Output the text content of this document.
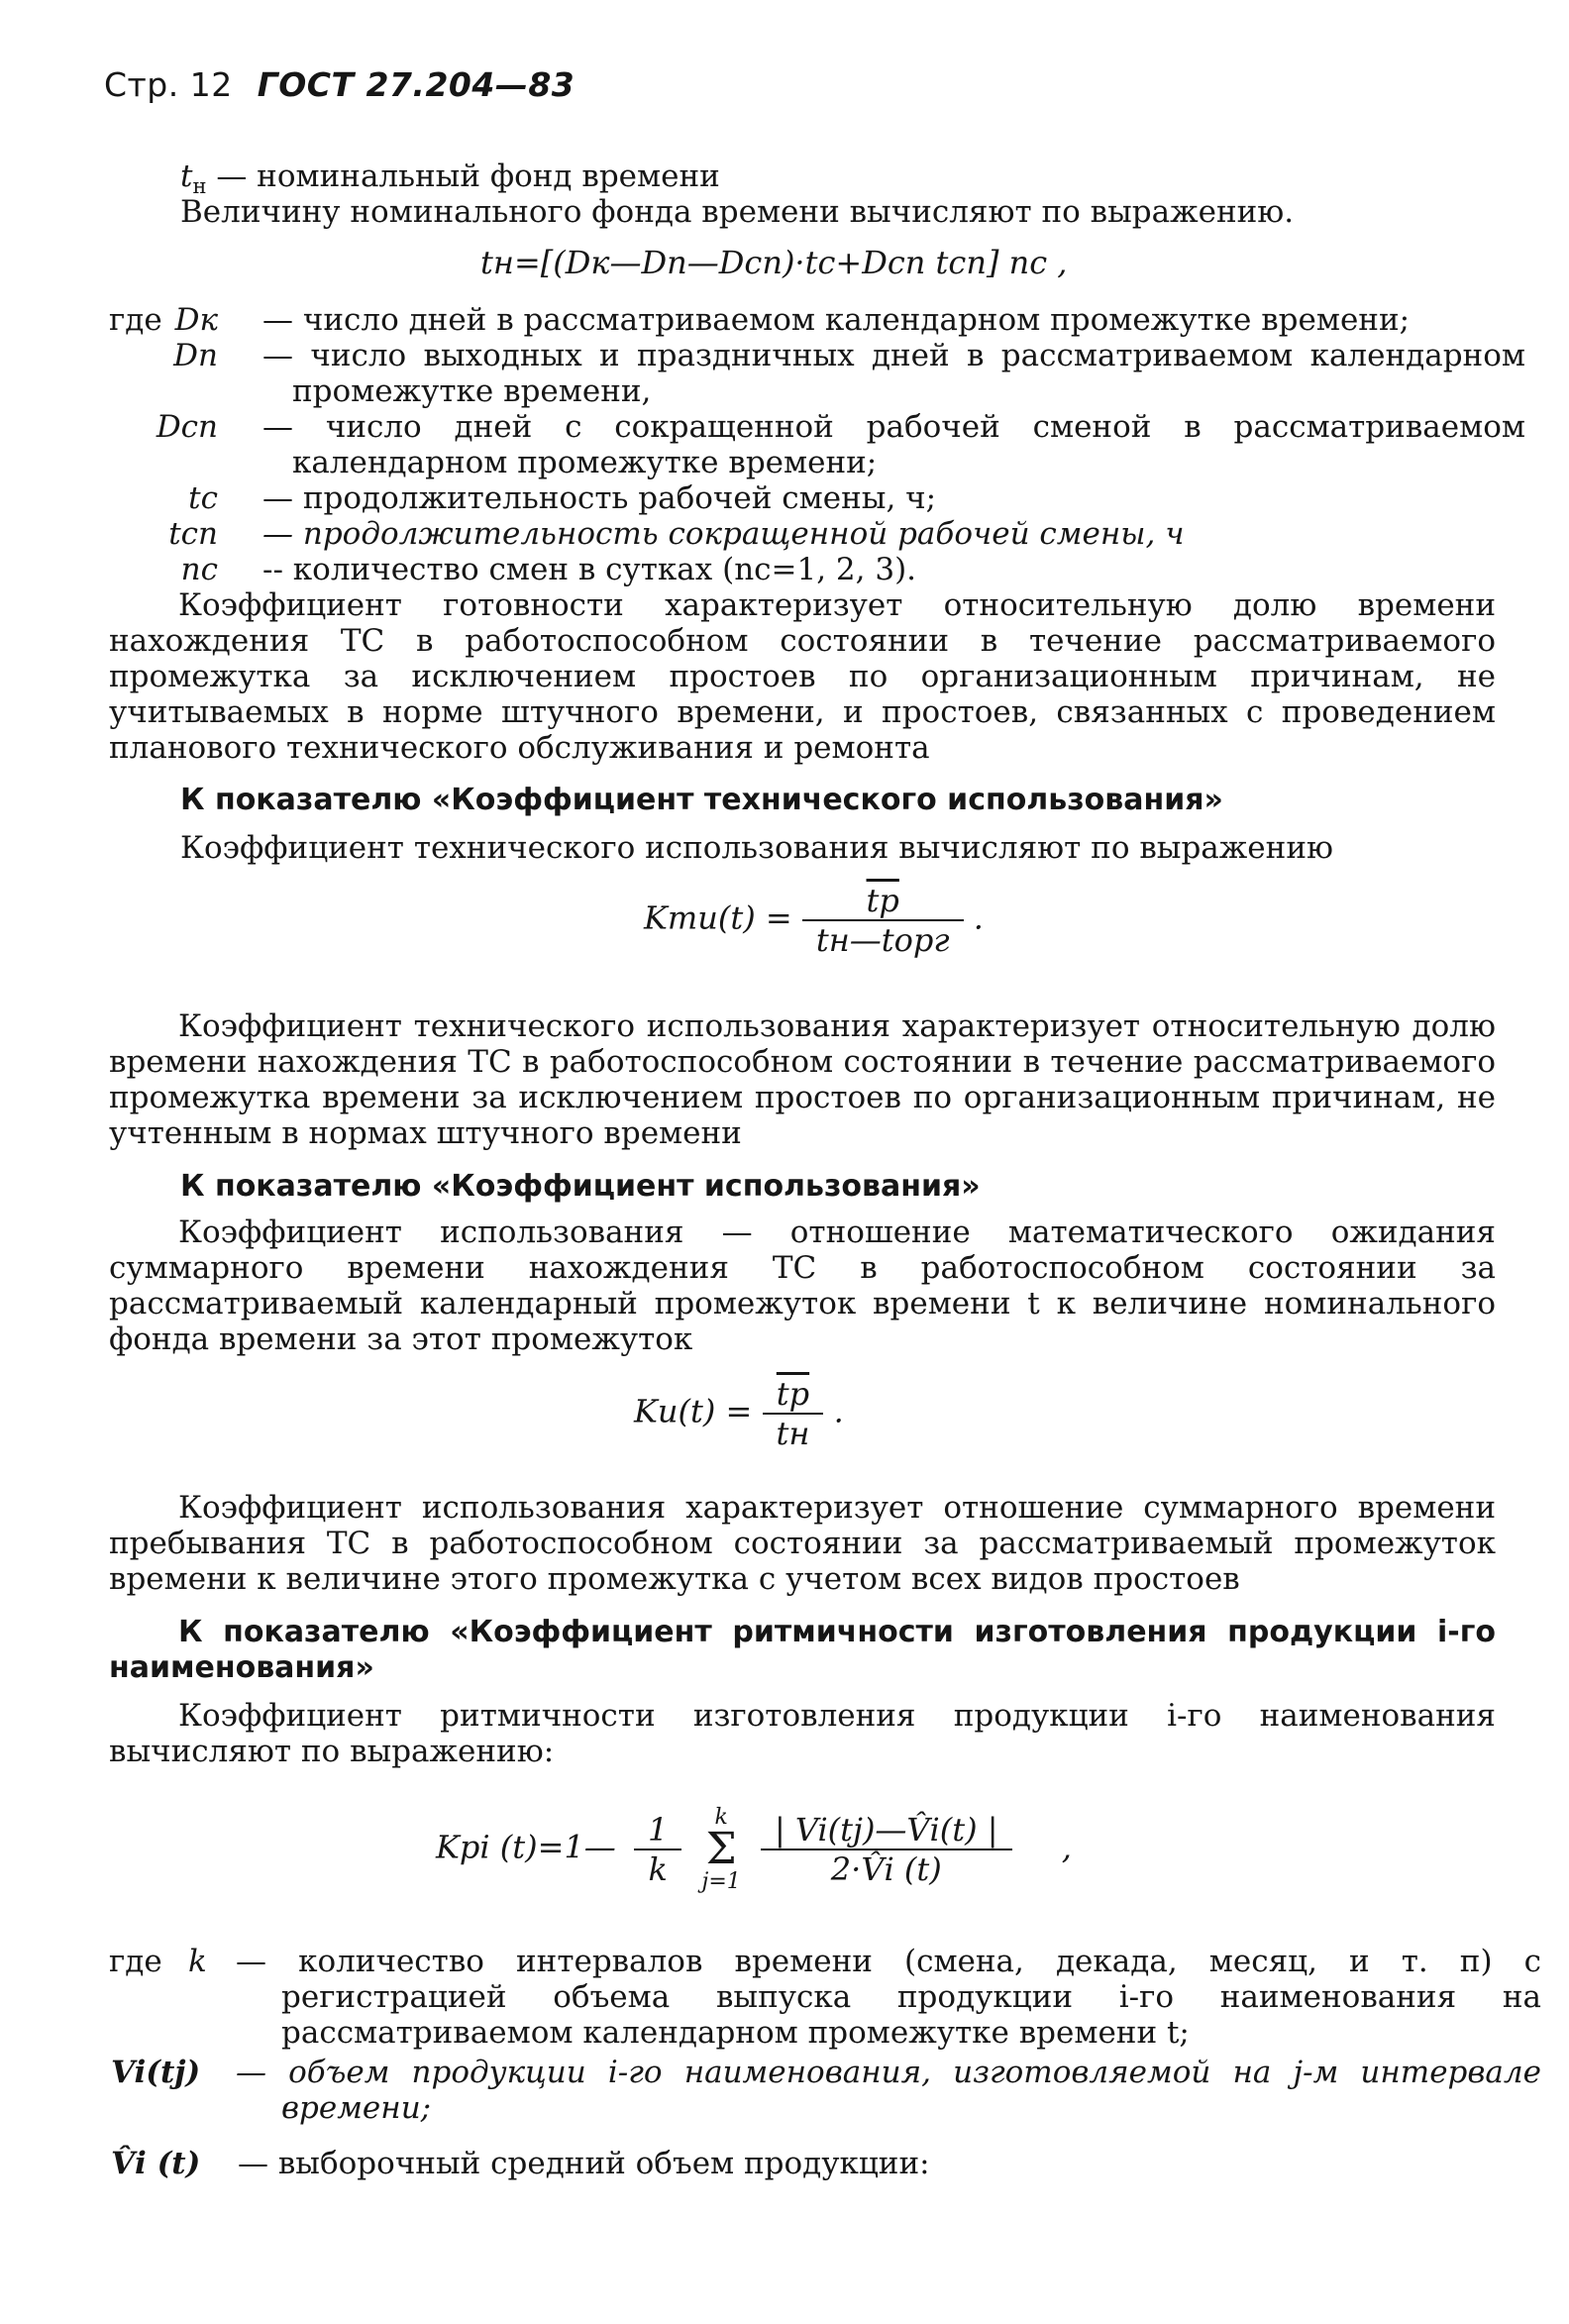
Стр. 12 ГОСТ 27.204—83
$t_н$ — номинальный фонд времени
Величину номинального фонда времени вычисляют по выражению.
tн=[(Dк—Dп—Dсп)·tс+Dсп tсп] nс ,
где Dк — число дней в рассматриваемом календарном промежутке времени;
Dп — число выходных и праздничных дней в рассматриваемом календарном промежутке времени,
Dсп — число дней с сокращенной рабочей сменой в рассматриваемом календарном промежутке времени;
tс — продолжительность рабочей смены, ч;
tсп — продолжительность сокращенной рабочей смены, ч
nс -- количество смен в сутках (nс=1, 2, 3).
Коэффициент готовности характеризует относительную долю времени нахождения ТС в работоспособном состоянии в течение рассматриваемого промежутка за исключением простоев по организационным причинам, не учитываемых в норме штучного времени, и простоев, связанных с проведением планового технического обслуживания и ремонта
К показателю «Коэффициент технического использования»
Коэффициент технического использования вычисляют по выражению
$Kти(t) = \frac{tр}{\text{tн—tорг}}$ .
Коэффициент технического использования характеризует относительную долю времени нахождения ТС в работоспособном состоянии в течение рассматриваемого промежутка времени за исключением простоев по организационным причинам, не учтенным в нормах штучного времени
К показателю «Коэффициент использования»
Коэффициент использования — отношение математического ожидания суммарного времени нахождения ТС в работоспособном состоянии за рассматриваемый календарный промежуток времени t к величине номинального фонда времени за этот промежуток
$Kи(t) = \frac{tр}{tн}$ .
Коэффициент использования характеризует отношение суммарного времени пребывания ТС в работоспособном состоянии за рассматриваемый промежуток времени к величине этого промежутка с учетом всех видов простоев
К показателю «Коэффициент ритмичности изготовления продукции i-го наименования»
Коэффициент ритмичности изготовления продукции i-го наименования вычисляют по выражению:
Kрi (t)=1— $\frac{1}{k}$
	k
Σ
j=1
$\frac{| Vi(tj)—V̂i(t) |}{2\cdot V̂i (t)}$ ,
где k — количество интервалов времени (смена, декада, месяц, и т. п) с регистрацией объема выпуска продукции i-го наименования на рассматриваемом календарном промежутке времени t;
Vi(tj) — объем продукции i-го наименования, изготовляемой на j-м интервале времени;
V̂i (t) — выборочный средний объем продукции:
